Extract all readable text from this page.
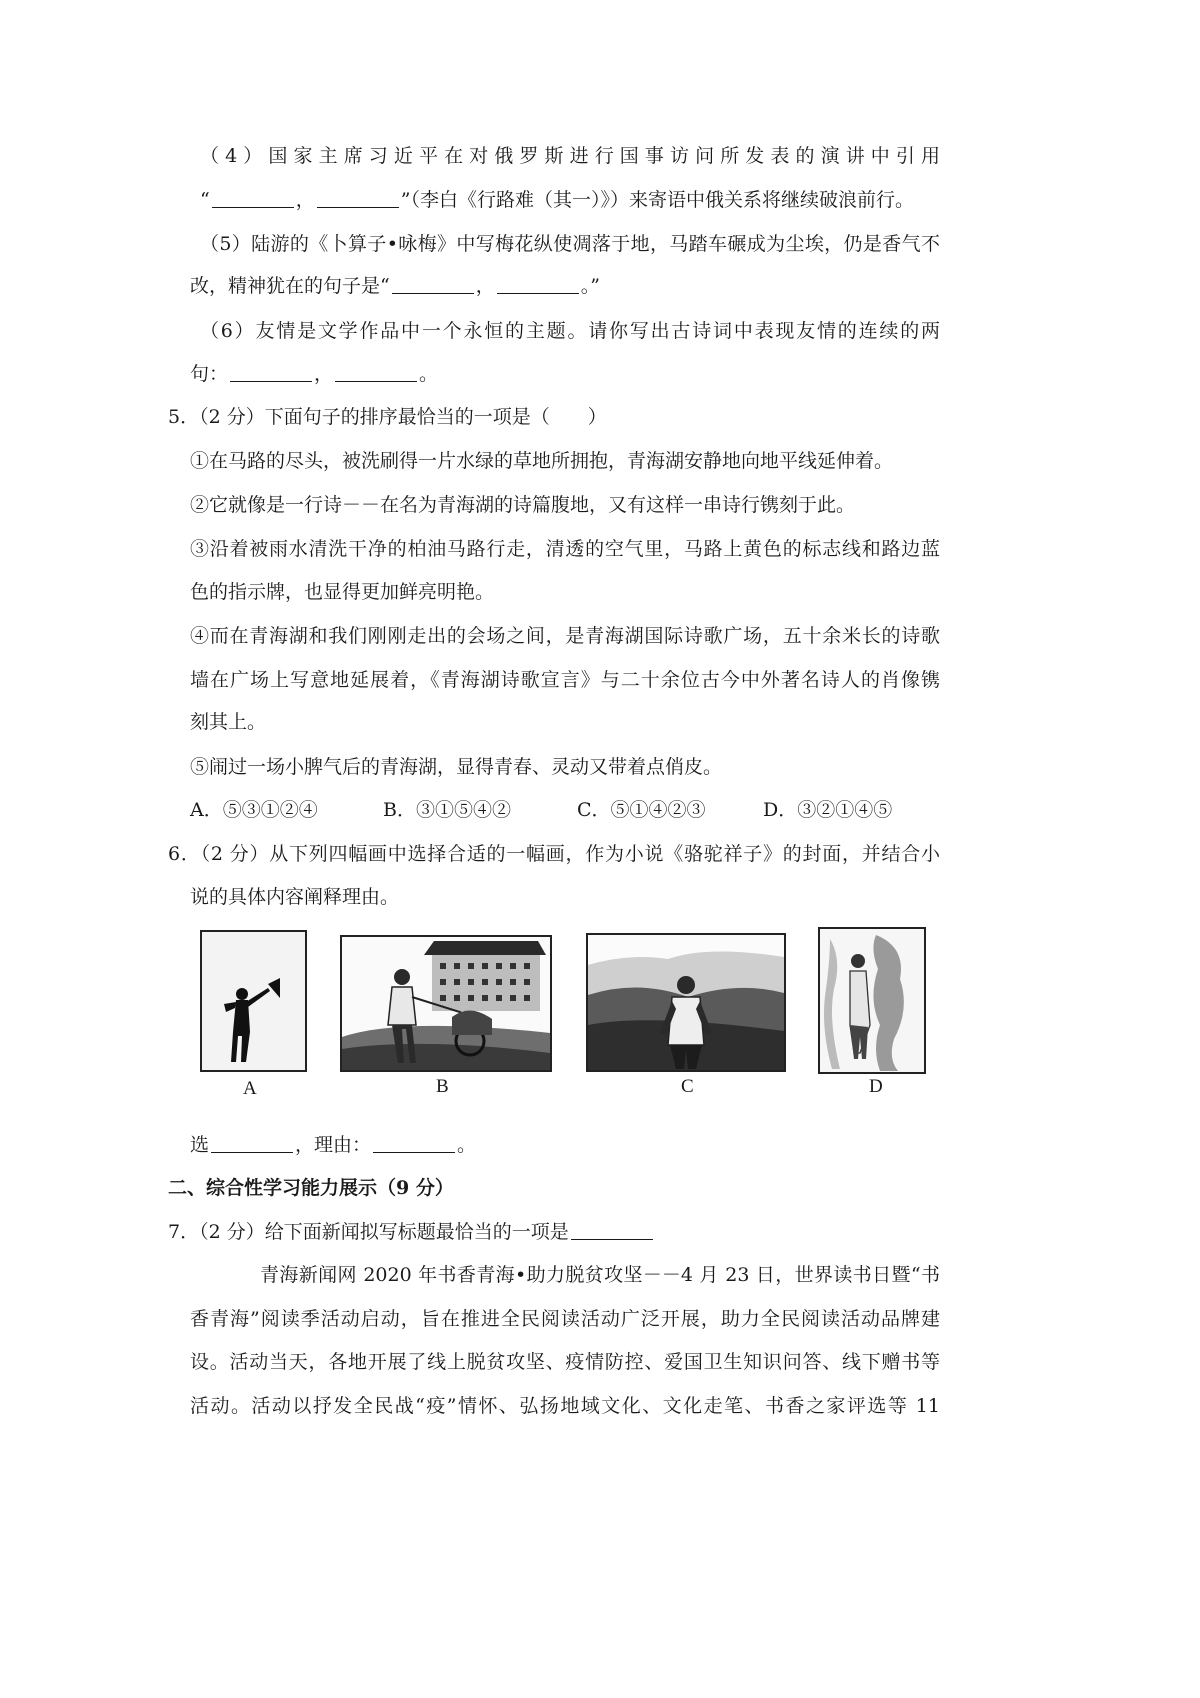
（4）国家主席习近平在对俄罗斯进行国事访问所发表的演讲中引用
“	，	”（李白《行路难（其一）》）来寄语中俄关系将继续破浪前行。
（5）陆游的《卜算子•咏梅》中写梅花纵使凋落于地，马踏车碾成为尘埃，仍是香气不
改，精神犹在的句子是“	，	。”
（6）友情是文学作品中一个永恒的主题。请你写出古诗词中表现友情的连续的两
句：	，	。
5．（2 分）下面句子的排序最恰当的一项是（　　）
①在马路的尽头，被洗刷得一片水绿的草地所拥抱，青海湖安静地向地平线延伸着。
②它就像是一行诗－－在名为青海湖的诗篇腹地，又有这样一串诗行镌刻于此。
③沿着被雨水清洗干净的柏油马路行走，清透的空气里，马路上黄色的标志线和路边蓝
色的指示牌，也显得更加鲜亮明艳。
④而在青海湖和我们刚刚走出的会场之间，是青海湖国际诗歌广场，五十余米长的诗歌
墙在广场上写意地延展着，《青海湖诗歌宣言》与二十余位古今中外著名诗人的肖像镌
刻其上。
⑤闹过一场小脾气后的青海湖，显得青春、灵动又带着点俏皮。
A．⑤③①②④	B．③①⑤④②	C．⑤①④②③	D．③②①④⑤
6．（2 分）从下列四幅画中选择合适的一幅画，作为小说《骆驼祥子》的封面，并结合小
说的具体内容阐释理由。
A	B	C	D
选	，理由：	。
二、综合性学习能力展示（9 分）
7．（2 分）给下面新闻拟写标题最恰当的一项是
青海新闻网 2020 年书香青海•助力脱贫攻坚－－4 月 23 日，世界读书日暨“书
香青海”阅读季活动启动，旨在推进全民阅读活动广泛开展，助力全民阅读活动品牌建
设。活动当天，各地开展了线上脱贫攻坚、疫情防控、爱国卫生知识问答、线下赠书等
活动。活动以抒发全民战“疫”情怀、弘扬地域文化、文化走笔、书香之家评选等 11
